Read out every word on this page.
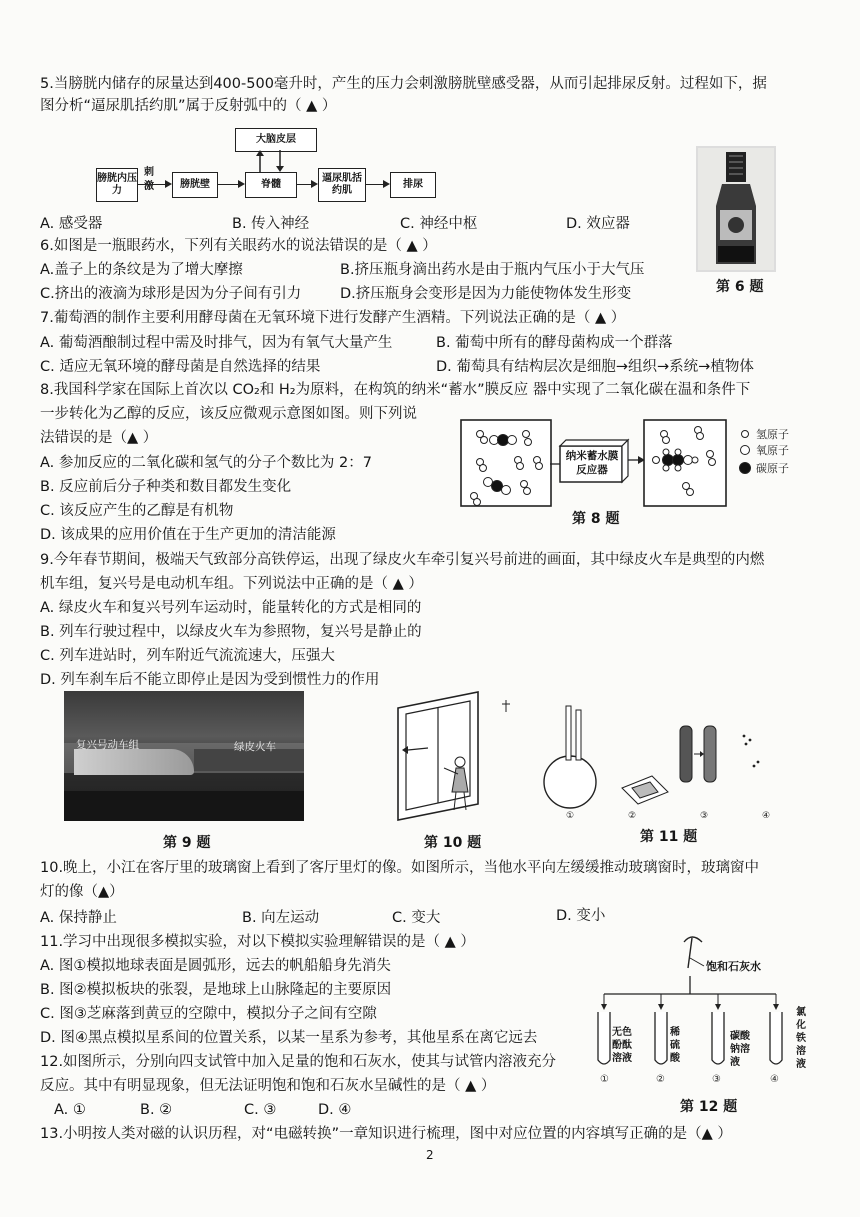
5.当膀胱内储存的尿量达到400-500毫升时，产生的压力会刺激膀胱壁感受器，从而引起排尿反射。过程如下，据
图分析“逼尿肌括约肌”属于反射弧中的（ ▲ ）
大脑皮层
膀胱内压力
刺激	膀胱壁	脊髓
逼尿肌括约肌
排尿
A. 感受器	B. 传入神经	C. 神经中枢	D. 效应器
第 6 题
6.如图是一瓶眼药水，下列有关眼药水的说法错误的是（ ▲ ）
A.盖子上的条纹是为了增大摩擦	B.挤压瓶身滴出药水是由于瓶内气压小于大气压
C.挤出的液滴为球形是因为分子间有引力	D.挤压瓶身会变形是因为力能使物体发生形变
7.葡萄酒的制作主要利用酵母菌在无氧环境下进行发酵产生酒精。下列说法正确的是（ ▲ ）
A. 葡萄酒酿制过程中需及时排气，因为有氧气大量产生	B. 葡萄中所有的酵母菌构成一个群落
C. 适应无氧环境的酵母菌是自然选择的结果	D. 葡萄具有结构层次是细胞→组织→系统→植物体
8.我国科学家在国际上首次以 CO₂和 H₂为原料，在构筑的纳米“蓄水”膜反应 器中实现了二氧化碳在温和条件下
一步转化为乙醇的反应，该反应微观示意图如图。则下列说
法错误的是（▲ ）
A. 参加反应的二氧化碳和氢气的分子个数比为 2：7
B. 反应前后分子种类和数目都发生变化
C. 该反应产生的乙醇是有机物
D. 该成果的应用价值在于生产更加的清洁能源
氢原子
氧原子
碳原子
纳米蓄水膜反应器
第 8 题
9.今年春节期间，极端天气致部分高铁停运，出现了绿皮火车牵引复兴号前进的画面，其中绿皮火车是典型的内燃
机车组，复兴号是电动机车组。下列说法中正确的是（ ▲ ）
A. 绿皮火车和复兴号列车运动时，能量转化的方式是相同的
B. 列车行驶过程中，以绿皮火车为参照物，复兴号是静止的
C. 列车进站时，列车附近气流流速大，压强大
D. 列车刹车后不能立即停止是因为受到惯性力的作用
复兴号动车组	绿皮火车
第 9 题	第 10 题
①	②	③	④
第 11 题
10.晚上，小江在客厅里的玻璃窗上看到了客厅里灯的像。如图所示，当他水平向左缓缓推动玻璃窗时，玻璃窗中
灯的像（▲）
A. 保持静止	B. 向左运动	C. 变大	D. 变小
11.学习中出现很多模拟实验，对以下模拟实验理解错误的是（ ▲ ）
A. 图①模拟地球表面是圆弧形，远去的帆船船身先消失
B. 图②模拟板块的张裂，是地球上山脉隆起的主要原因
C. 图③芝麻落到黄豆的空隙中，模拟分子之间有空隙
D. 图④黑点模拟星系间的位置关系，以某一星系为参考，其他星系在离它远去
12.如图所示，分别向四支试管中加入足量的饱和石灰水，使其与试管内溶液充分
反应。其中有明显现象，但无法证明饱和饱和石灰水呈碱性的是（ ▲ ）
A. ①	B. ②	C. ③	D. ④
①	②	③	④
饱和石灰水
无色酚酞溶液
稀硫酸
碳酸钠溶液
氯化铁溶液
第 12 题
13.小明按人类对磁的认识历程，对“电磁转换”一章知识进行梳理，图中对应位置的内容填写正确的是（▲ ）
2
